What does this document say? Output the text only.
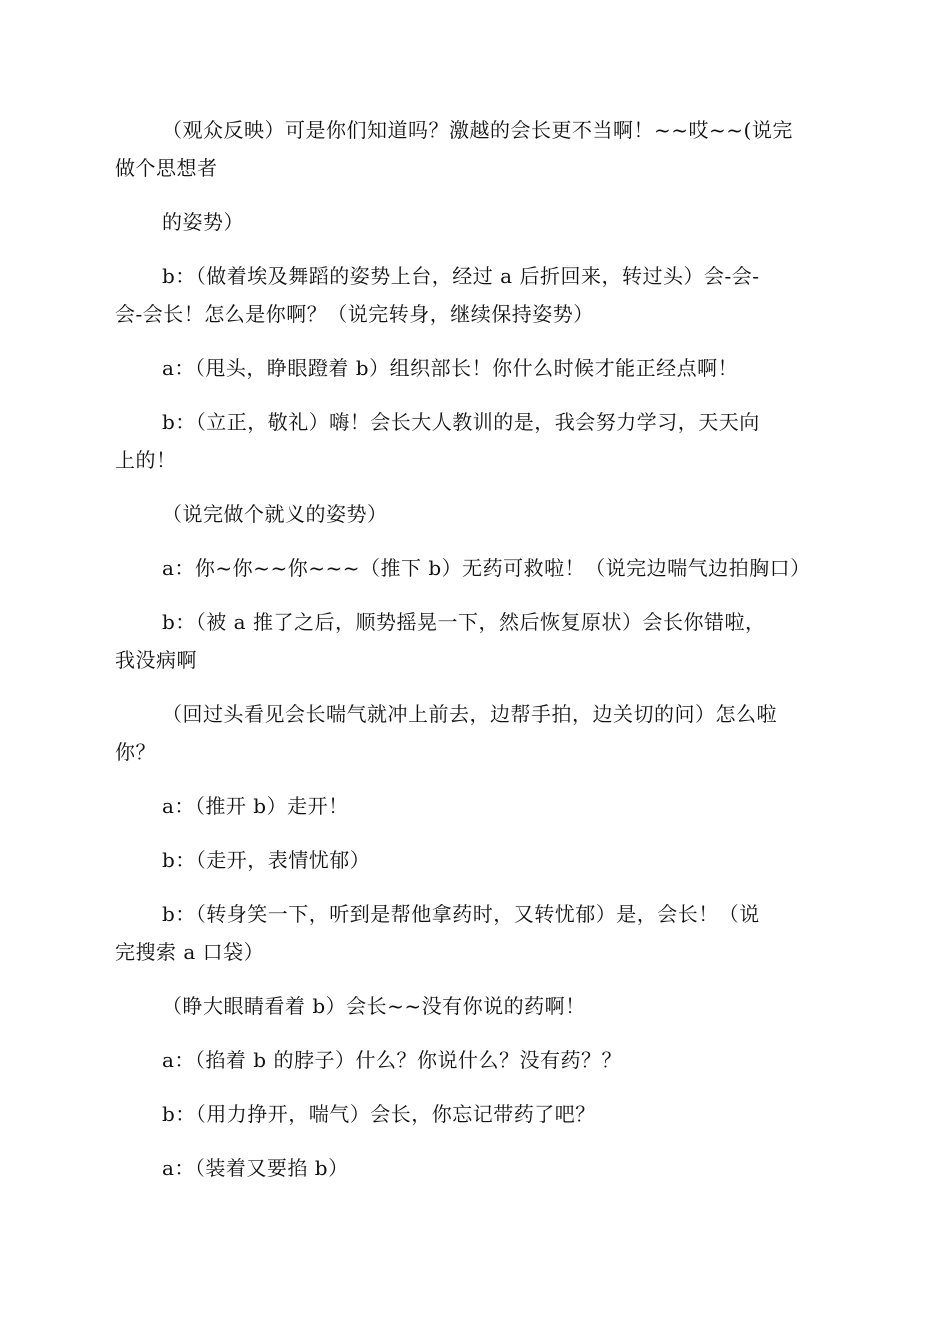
（观众反映）可是你们知道吗？激越的会长更不当啊！~~哎~~(说完
做个思想者
的姿势）
b：（做着埃及舞蹈的姿势上台，经过 a 后折回来，转过头）会-会-
会-会长！怎么是你啊？（说完转身，继续保持姿势）
a：（甩头，睁眼蹬着 b）组织部长！你什么时候才能正经点啊！
b：（立正，敬礼）嗨！会长大人教训的是，我会努力学习，天天向
上的！
（说完做个就义的姿势）
a：你~你~~你~~~（推下 b）无药可救啦！（说完边喘气边拍胸口）
b：（被 a 推了之后，顺势摇晃一下，然后恢复原状）会长你错啦，
我没病啊
（回过头看见会长喘气就冲上前去，边帮手拍，边关切的问）怎么啦
你？
a：（推开 b）走开！
b：（走开，表情忧郁）
b：（转身笑一下，听到是帮他拿药时，又转忧郁）是，会长！（说
完搜索 a 口袋）
（睁大眼睛看着 b）会长~~没有你说的药啊！
a：（掐着 b 的脖子）什么？你说什么？没有药？？
b：（用力挣开，喘气）会长，你忘记带药了吧？
a：（装着又要掐 b）
